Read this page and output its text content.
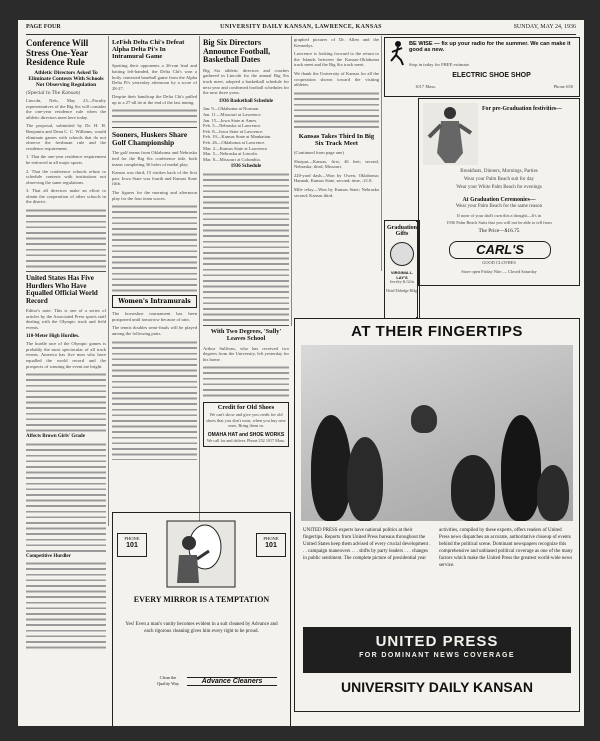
PAGE FOUR	UNIVERSITY DAILY KANSAN, LAWRENCE, KANSAS	SUNDAY, MAY 24, 1936
Conference Will Stress One-Year Residence Rule
Athletic Directors Asked To Eliminate Contests With Schools Not Observing Regulation
(Special to The Kansan)

Lincoln, Neb., May 23—Faculty representatives of the Big Six will consider the one-year residence rule when the athletic directors meet here today.

The proposal, submitted by Dr. H. H. Benjamin and Dean C. C. Williams, would eliminate games with schools that do not observe the freshman rule and the residence requirement.

1. That the one-year residence requirement be enforced in all major sports.

2. That the conference schools refuse to schedule contests with institutions not observing the same regulations.

3. That all directors make an effort to obtain the cooperation of other schools in the district.

United States Has Five Hurdlers Who Have Equalled Official World Record

Editor's note: This is one of a series of articles by the Associated Press sports staff dealing with the Olympic track and field events.

110-Meter High Hurdles.

The hurdle race of the Olympic games is probably the most spectacular of all track events. America has five men who have equalled the world record and the prospects of winning the event are bright.

Affects Brown Girls' Grade

Competitive Hurdler

LeFish Delta Chi's Defeat Alpha Delta Pi's In Intramural Game

Spotting their opponents a 26-run lead and batting left-handed, the Delta Chi's won a hotly contested baseball game from the Alpha Delta Pi's yesterday afternoon by a score of 28-27.

Despite their handicap the Delta Chi's pulled up to a 27-all tie at the end of the last inning.

Sooners, Huskers Share Golf Championship

The golf teams from Oklahoma and Nebraska tied for the Big Six conference title, both teams completing 36 holes of medal play.

Kansas was third, 15 strokes back of the first pair. Iowa State was fourth and Kansas State fifth.

The figures for the morning and afternoon play for the four team scores.

Women's Intramurals

The horseshoe tournament has been postponed until tomorrow because of rain.

The tennis doubles semi-finals will be played among the following pairs.

Big Six Directors Announce Football, Basketball Dates

Big Six athletic directors and coaches gathered in Lincoln for the annual Big Six track meet, adopted a basketball schedule for next year and confirmed football schedules for the next three years.

1936 Basketball Schedule

Jan. 9—Oklahoma at Norman.
Jan. 11—Missouri at Lawrence.
Jan. 15—Iowa State at Ames.
Feb. 5—Nebraska at Lawrence.
Feb. 8—Iowa State at Lawrence.
Feb. 19—Kansas State at Manhattan.
Feb. 26—Oklahoma at Lawrence.
Mar. 2—Kansas State at Lawrence.
Mar. 5—Nebraska at Lincoln.
Mar. 8—Missouri at Columbia.

1936 Schedule

With Two Degrees, 'Sully' Leaves School

Arthur Sullivan, who has received two degrees from the University, left yesterday for his home.

Credit for Old Shoes
We can't show and give you credit for old shoes that you don't wear, when you buy new ones. Bring them in.
OMAHA HAT and SHOE WORKS
We call for and deliver. Phone 252 1017 Mass.

graphed pictures of Dr. Allen and the Kennedys.

Lawrence is looking forward to the return to the Islands between the Kansas-Oklahoma track meet and the Big Six track meet.

We thank the University of Kansas for all the cooperation shown toward the visiting athletes.

Kansas Takes Third In Big Six Track Meet

(Continued from page one)

Shotput—Kansas, first, 46 feet; second, Nebraska; third, Missouri.

220-yard dash—Won by Owen, Oklahoma; Hannah, Kansas State, second; time, :21.8.

Mile relay—Won by Kansas State; Nebraska second; Kansas third.

BE WISE — fix up your radio for the summer. We can make it good as new.
Stop in today for FREE estimate.
ELECTRIC SHOE SHOP
1017 Mass.	Phone 650
For pre-Graduation festivities—
Breakfasts, Dinners, Mornings, Parties
Wear your Palm Beach suit for day
Wear your White Palm Beach for evenings
At Graduation Ceremonies—
Wear your Palm Beach for the same reason
If none of your dad's own this a thought—It's in
1936 Palm Beach Suits that you will not be able to tell from
The Price—$16.75
CARL'S
GOOD CLOTHES
Store open Friday Nite — Closed Saturday
Graduation Gifts
VIRGINIA L. LAY'S
Jewelry & Gifts
Hotel Eldridge Bldg.
AT THEIR FINGERTIPS
UNITED PRESS experts have national politics at their fingertips. Reports from United Press bureaus throughout the United States keep them advised of every crucial development . . . campaign maneuvers . . . shifts by party leaders . . . changes in public sentiment. The complete picture of presidential year
activities, compiled by these experts, offers readers of United Press news dispatches an accurate, authoritative closeup of events behind the political scene. Dominant newspapers recognize this comprehensive and unbiased political coverage as one of the many factors which make the United Press the greatest world-wide news service.
UNITED PRESS
FOR DOMINANT NEWS COVERAGE
UNIVERSITY DAILY KANSAN
PHONE
101
PHONE
101
EVERY MIRROR IS A TEMPTATION
Yes! Even a man's vanity becomes evident in a suit cleaned by Advance and each rigorous cleaning gives him every right to be proud.
Clean the Quality Way	Advance Cleaners
